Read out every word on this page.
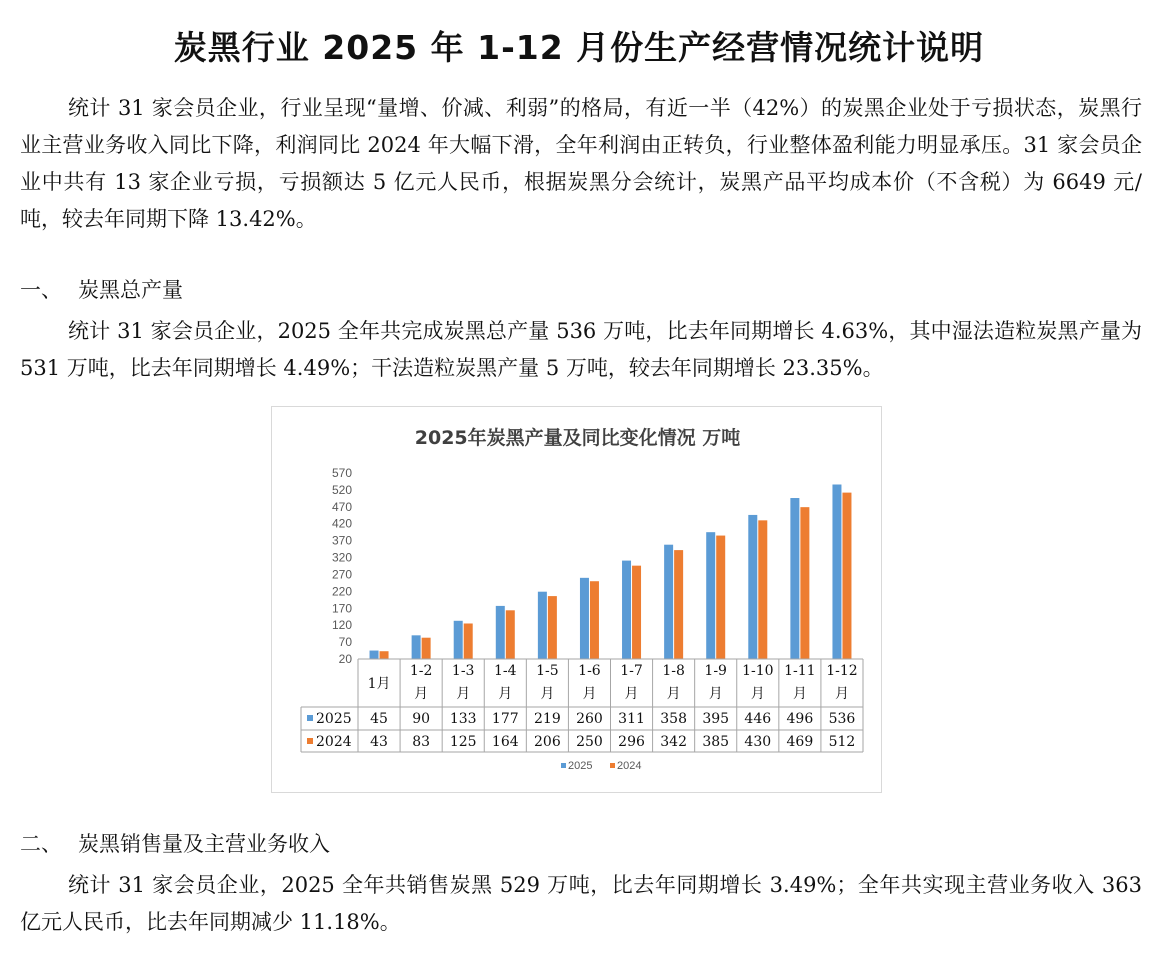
炭黑行业 2025 年 1-12 月份生产经营情况统计说明

统计 31 家会员企业，行业呈现“量增、价减、利弱”的格局，有近一半（42%）的炭黑企业处于亏损状态，炭黑行业主营业务收入同比下降，利润同比 2024 年大幅下滑，全年利润由正转负，行业整体盈利能力明显承压。31 家会员企业中共有 13 家企业亏损，亏损额达 5 亿元人民币，根据炭黑分会统计，炭黑产品平均成本价（不含税）为 6649 元/吨，较去年同期下降 13.42%。

一、 炭黑总产量

统计 31 家会员企业，2025 全年共完成炭黑总产量 536 万吨，比去年同期增长 4.63%，其中湿法造粒炭黑产量为 531 万吨，比去年同期增长 4.49%；干法造粒炭黑产量 5 万吨，较去年同期增长 23.35%。

2025年炭黑产量及同比变化情况 万吨
20
70
120
170
220
270
320
370
420
470
520
570
1月
1-2
月
1-3
月
1-4
月
1-5
月
1-6
月
1-7
月
1-8
月
1-9
月
1-10
月
1-11
月
1-12
月
2025 45 90 133 177 219 260 311 358 395 446 496 536
2024 43 83 125 164 206 250 296 342 385 430 469 512
2025 2024

二、 炭黑销售量及主营业务收入

统计 31 家会员企业，2025 全年共销售炭黑 529 万吨，比去年同期增长 3.49%；全年共实现主营业务收入 363 亿元人民币，比去年同期减少 11.18%。
